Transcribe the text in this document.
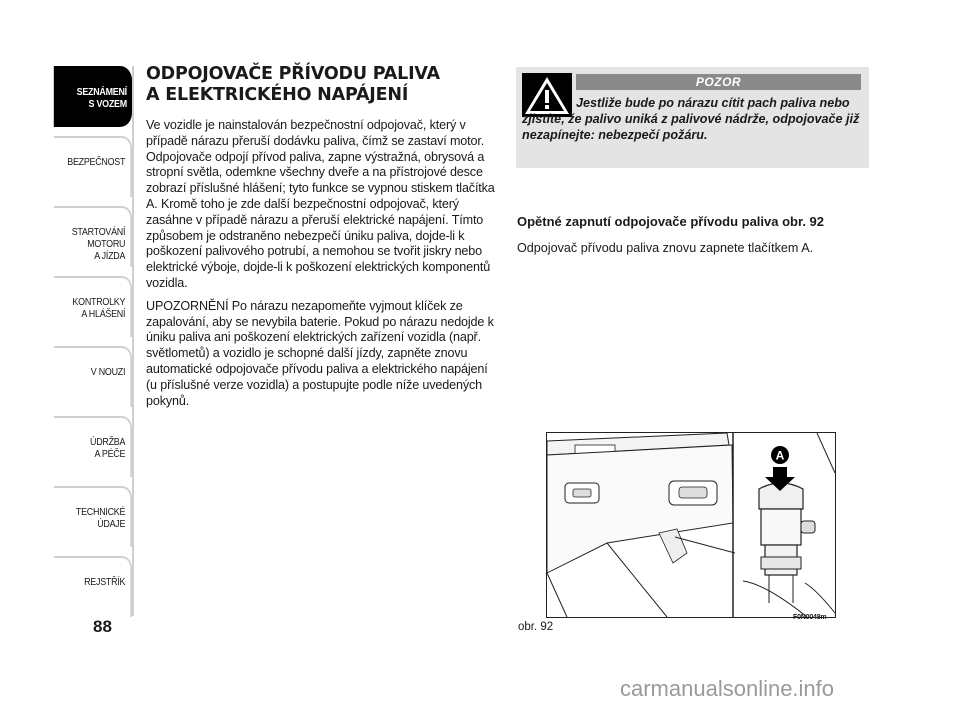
SEZNÁMENÍ
S VOZEM
BEZPEČNOST
STARTOVÁNÍ
MOTORU
A JÍZDA
KONTROLKY
A HLÁŠENÍ
V NOUZI
ÚDRŽBA
A PÉČE
TECHNICKÉ
ÚDAJE
REJSTŘÍK
88
ODPOJOVAČE PŘÍVODU PALIVA
A ELEKTRICKÉHO NAPÁJENÍ

Ve vozidle je nainstalován bezpečnostní odpojovač, který v případě nárazu přeruší dodávku paliva, čímž se zastaví motor. Odpojovače odpojí přívod paliva, zapne výstražná, obrysová a stropní světla, odemkne všechny dveře a na přístrojové desce zobrazí příslušné hlášení; tyto funkce se vypnou stiskem tlačítka A. Kromě toho je zde další bezpečnostní odpojovač, který zasáhne v případě nárazu a přeruší elektrické napájení. Tímto způsobem je odstraněno nebezpečí úniku paliva, dojde-li k poškození palivového potrubí, a nemohou se tvořit jiskry nebo elektrické výboje, dojde-li k poškození elektrických komponentů vozidla.

UPOZORNĚNÍ Po nárazu nezapomeňte vyjmout klíček ze zapalování, aby se nevybila baterie. Pokud po nárazu nedojde k úniku paliva ani poškození elektrických zařízení vozidla (např. světlometů) a vozidlo je schopné další jízdy, zapněte znovu automatické odpojovače přívodu paliva a elektrického napájení (u příslušné verze vozidla) a postupujte podle níže uvedených pokynů.

POZOR
Jestliže bude po nárazu cítit pach paliva nebo zjistíte, že palivo uniká z palivové nádrže, odpojovače již nezapínejte: nebezpečí požáru.

Opětné zapnutí odpojovače přívodu paliva obr. 92

Odpojovač přívodu paliva znovu zapnete tlačítkem A.

A
obr. 92
F0N0048m
carmanualsonline.info
